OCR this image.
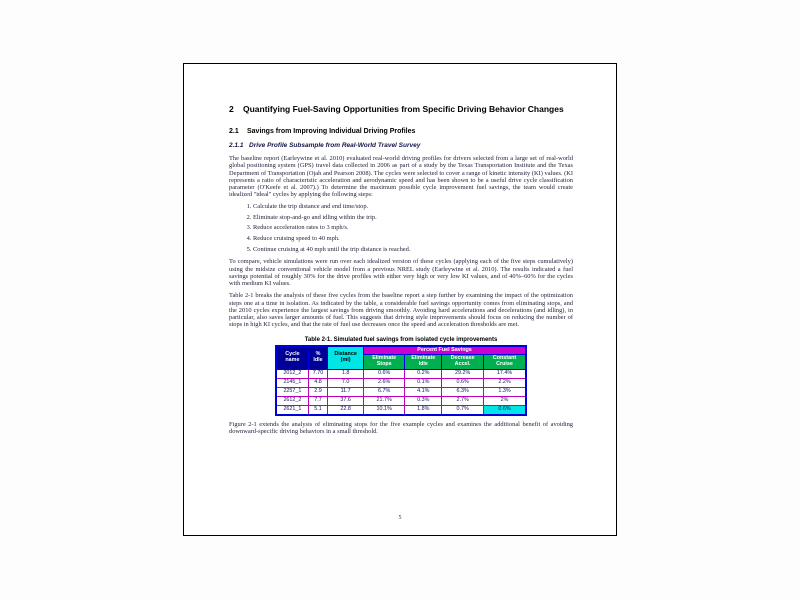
2	Quantifying Fuel-Saving Opportunities from Specific Driving Behavior Changes
2.1	Savings from Improving Individual Driving Profiles
2.1.1 Drive Profile Subsample from Real-World Travel Survey

The baseline report (Earleywine et al. 2010) evaluated real-world driving profiles for drivers selected from a large set of real-world global positioning system (GPS) travel data collected in 2006 as part of a study by the Texas Transportation Institute and the Texas Department of Transportation (Ojah and Pearson 2008). The cycles were selected to cover a range of kinetic intensity (KI) values. (KI represents a ratio of characteristic acceleration and aerodynamic speed and has been shown to be a useful drive cycle classification parameter (O'Keefe et al. 2007).) To determine the maximum possible cycle improvement fuel savings, the team would create idealized "ideal" cycles by applying the following steps:

1. Calculate the trip distance and end time/stop.
2. Eliminate stop-and-go and idling within the trip.
3. Reduce acceleration rates to 3 mph/s.
4. Reduce cruising speed to 40 mph.
5. Continue cruising at 40 mph until the trip distance is reached.

To compare, vehicle simulations were run over each idealized version of these cycles (applying each of the five steps cumulatively) using the midsize conventional vehicle model from a previous NREL study (Earleywine et al. 2010). The results indicated a fuel savings potential of roughly 30% for the drive profiles with either very high or very low KI values, and of 40%–60% for the cycles with medium KI values.

Table 2-1 breaks the analysis of these five cycles from the baseline report a step further by examining the impact of the optimization steps one at a time in isolation. As indicated by the table, a considerable fuel savings opportunity comes from eliminating stops, and the 2010 cycles experience the largest savings from driving smoothly. Avoiding hard accelerations and decelerations (and idling), in particular, also saves larger amounts of fuel. This suggests that driving style improvements should focus on reducing the number of stops in high KI cycles, and that the rate of fuel use decreases once the speed and acceleration thresholds are met.

Table 2-1. Simulated fuel savings from isolated cycle improvements
Cycle name	% Idle	Distance (mi)	Percent Fuel Savings			
			Eliminate Stops	Eliminate Idle	Decrease Accel.	Constant Cruise
2012_2	7.70	1.8	0.6%	0.2%	29.2%	17.4%
2145_1	4.8	7.0	2.6%	0.1%	0.6%	2.2%
2257_1	2.9	11.7	6.7%	4.1%	6.3%	1.3%
2612_2	7.7	37.6	21.7%	0.3%	2.7%	2%
2621_1	5.1	22.8	10.1%	1.8%	0.7%	0.6%

Figure 2-1 extends the analysis of eliminating stops for the five example cycles and examines the additional benefit of avoiding downward-specific driving behaviors in a small threshold.

5
